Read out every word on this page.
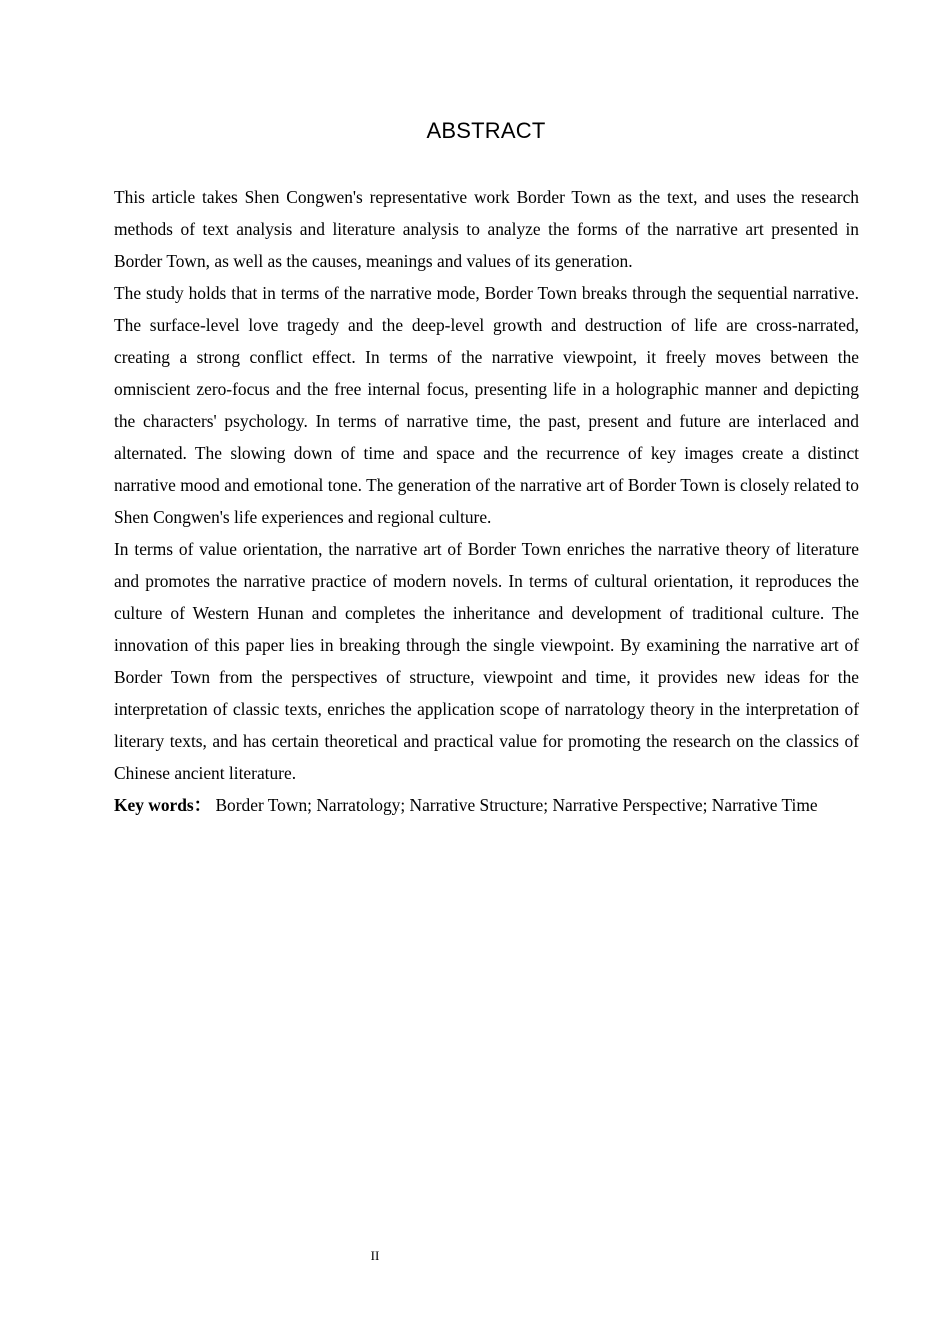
ABSTRACT

This article takes Shen Congwen's representative work Border Town as the text, and uses the research methods of text analysis and literature analysis to analyze the forms of the narrative art presented in Border Town, as well as the causes, meanings and values of its generation.

The study holds that in terms of the narrative mode, Border Town breaks through the sequential narrative. The surface-level love tragedy and the deep-level growth and destruction of life are cross-narrated, creating a strong conflict effect. In terms of the narrative viewpoint, it freely moves between the omniscient zero-focus and the free internal focus, presenting life in a holographic manner and depicting the characters' psychology. In terms of narrative time, the past, present and future are interlaced and alternated. The slowing down of time and space and the recurrence of key images create a distinct narrative mood and emotional tone. The generation of the narrative art of Border Town is closely related to Shen Congwen's life experiences and regional culture.

In terms of value orientation, the narrative art of Border Town enriches the narrative theory of literature and promotes the narrative practice of modern novels. In terms of cultural orientation, it reproduces the culture of Western Hunan and completes the inheritance and development of traditional culture. The innovation of this paper lies in breaking through the single viewpoint. By examining the narrative art of Border Town from the perspectives of structure, viewpoint and time, it provides new ideas for the interpretation of classic texts, enriches the application scope of narratology theory in the interpretation of literary texts, and has certain theoretical and practical value for promoting the research on the classics of Chinese ancient literature.

Key words： Border Town; Narratology; Narrative Structure; Narrative Perspective; Narrative Time

II
